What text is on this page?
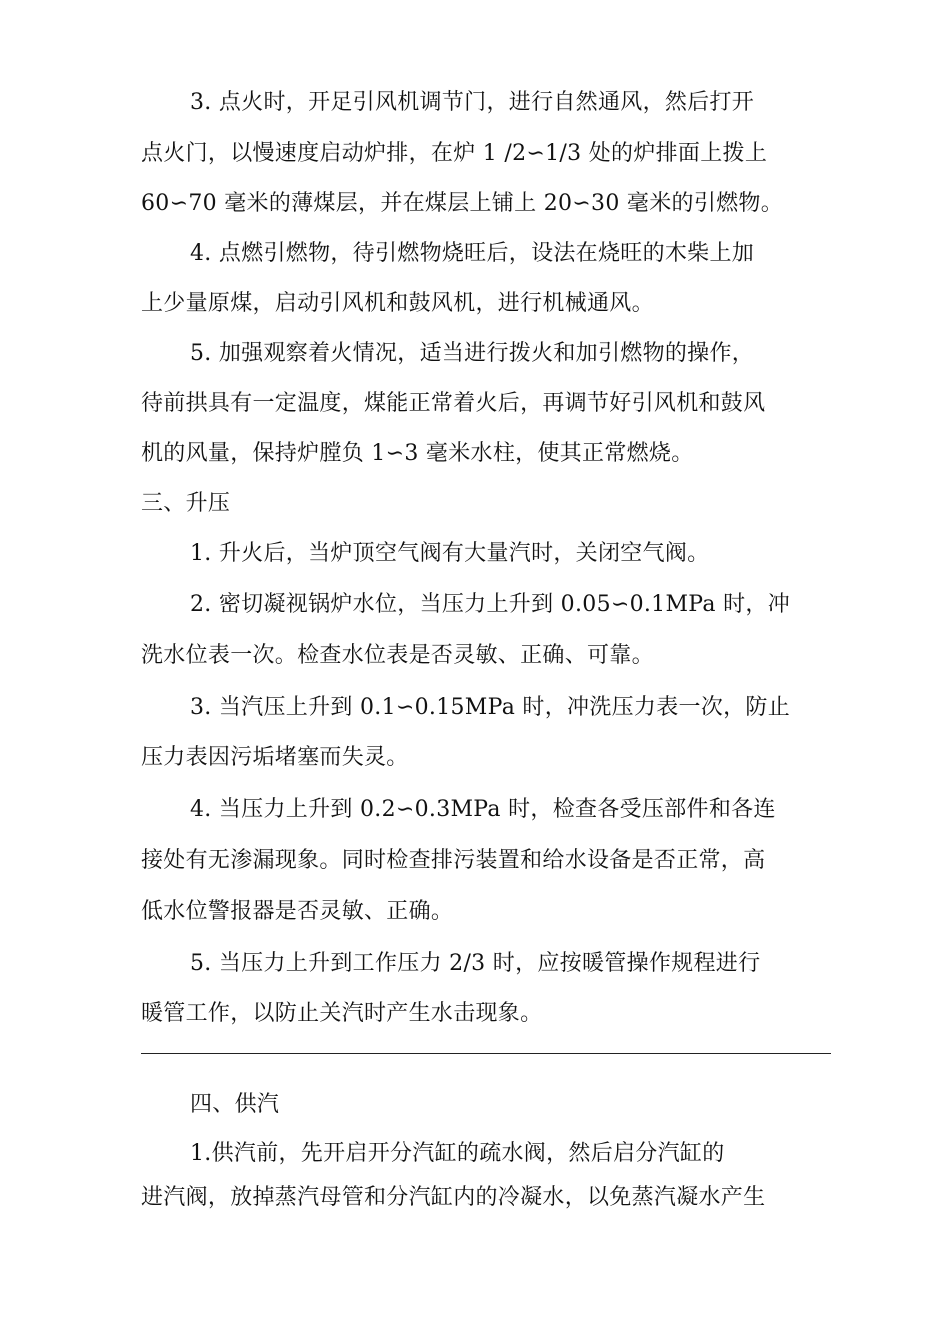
3. 点火时，开足引风机调节门，进行自然通风，然后打开
点火门，以慢速度启动炉排，在炉 1 /2∽1/3 处的炉排面上拨上
60∽70 毫米的薄煤层，并在煤层上铺上 20∽30 毫米的引燃物。
4. 点燃引燃物，待引燃物烧旺后，设法在烧旺的木柴上加
上少量原煤，启动引风机和鼓风机，进行机械通风。
5. 加强观察着火情况，适当进行拨火和加引燃物的操作，
待前拱具有一定温度，煤能正常着火后，再调节好引风机和鼓风
机的风量，保持炉膛负 1∽3 毫米水柱，使其正常燃烧。
三、升压
1. 升火后，当炉顶空气阀有大量汽时，关闭空气阀。
2. 密切凝视锅炉水位，当压力上升到 0.05∽0.1MPa 时，冲
洗水位表一次。检查水位表是否灵敏、正确、可靠。
3. 当汽压上升到 0.1∽0.15MPa 时，冲洗压力表一次，防止
压力表因污垢堵塞而失灵。
4. 当压力上升到 0.2∽0.3MPa 时，检查各受压部件和各连
接处有无渗漏现象。同时检查排污装置和给水设备是否正常，高
低水位警报器是否灵敏、正确。
5. 当压力上升到工作压力 2/3 时，应按暖管操作规程进行
暖管工作，以防止关汽时产生水击现象。
四、供汽
1.供汽前，先开启开分汽缸的疏水阀，然后启分汽缸的
进汽阀，放掉蒸汽母管和分汽缸内的冷凝水，以免蒸汽凝水产生
